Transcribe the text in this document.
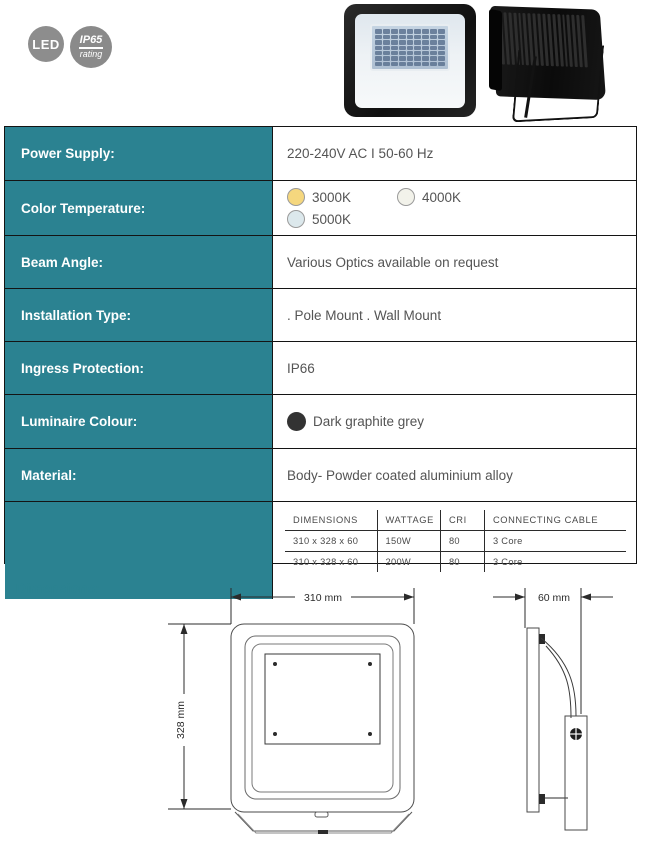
LED IP65
rating
Power Supply:	220-240V AC I 50-60 Hz
Color Temperature:
3000K	4000K
5000K
Beam Angle:	Various Optics available on request
Installation Type:	. Pole Mount . Wall Mount
Ingress Protection:	IP66
Luminaire Colour:	Dark graphite grey
Material:	Body- Powder coated aluminium alloy
DIMENSIONS	WATTAGE	CRI	CONNECTING CABLE
310 x 328 x 60	150W	80	3 Core
310 x 328 x 60	200W	80	3 Core
Dimensions:
310 mm
328 mm
60 mm
